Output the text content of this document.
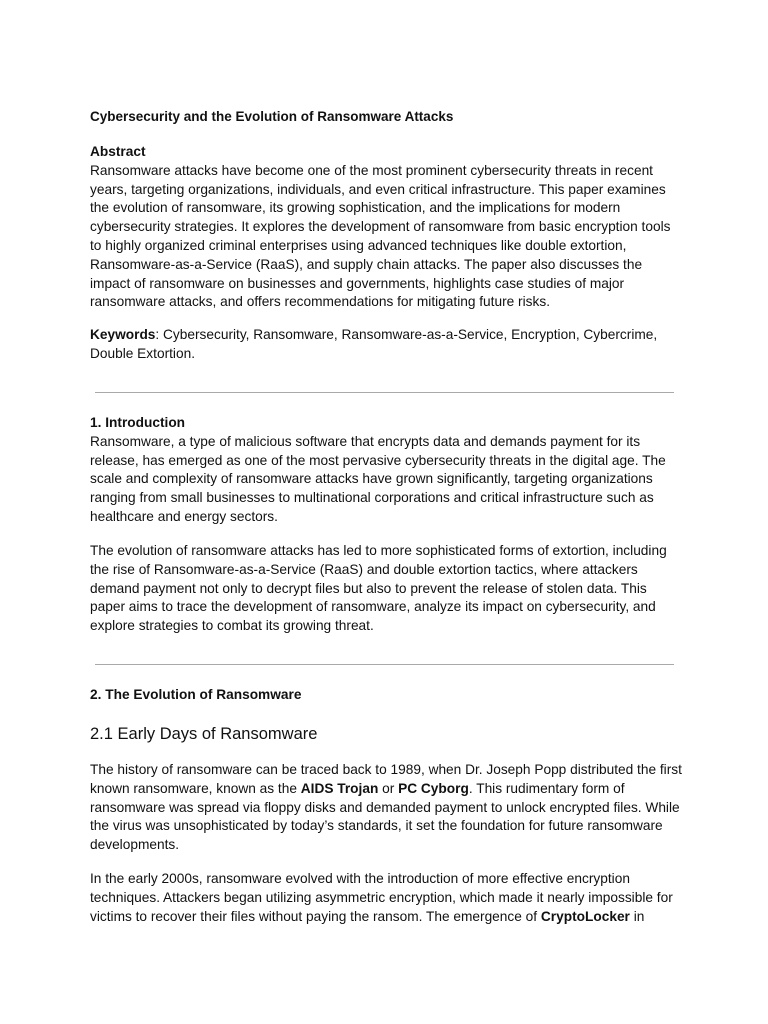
Cybersecurity and the Evolution of Ransomware Attacks
Abstract

Ransomware attacks have become one of the most prominent cybersecurity threats in recent years, targeting organizations, individuals, and even critical infrastructure. This paper examines the evolution of ransomware, its growing sophistication, and the implications for modern cybersecurity strategies. It explores the development of ransomware from basic encryption tools to highly organized criminal enterprises using advanced techniques like double extortion, Ransomware-as-a-Service (RaaS), and supply chain attacks. The paper also discusses the impact of ransomware on businesses and governments, highlights case studies of major ransomware attacks, and offers recommendations for mitigating future risks.

Keywords: Cybersecurity, Ransomware, Ransomware-as-a-Service, Encryption, Cybercrime, Double Extortion.

1. Introduction

Ransomware, a type of malicious software that encrypts data and demands payment for its release, has emerged as one of the most pervasive cybersecurity threats in the digital age. The scale and complexity of ransomware attacks have grown significantly, targeting organizations ranging from small businesses to multinational corporations and critical infrastructure such as healthcare and energy sectors.

The evolution of ransomware attacks has led to more sophisticated forms of extortion, including the rise of Ransomware-as-a-Service (RaaS) and double extortion tactics, where attackers demand payment not only to decrypt files but also to prevent the release of stolen data. This paper aims to trace the development of ransomware, analyze its impact on cybersecurity, and explore strategies to combat its growing threat.

2. The Evolution of Ransomware
2.1 Early Days of Ransomware

The history of ransomware can be traced back to 1989, when Dr. Joseph Popp distributed the first known ransomware, known as the AIDS Trojan or PC Cyborg. This rudimentary form of ransomware was spread via floppy disks and demanded payment to unlock encrypted files. While the virus was unsophisticated by today’s standards, it set the foundation for future ransomware developments.

In the early 2000s, ransomware evolved with the introduction of more effective encryption techniques. Attackers began utilizing asymmetric encryption, which made it nearly impossible for victims to recover their files without paying the ransom. The emergence of CryptoLocker in
